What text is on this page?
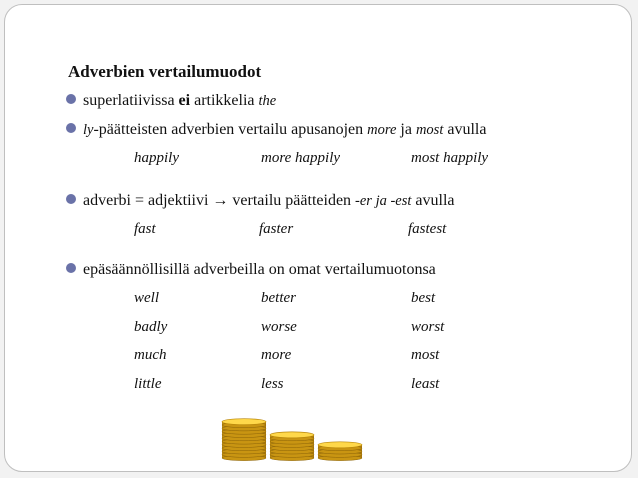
Adverbien vertailumuodot
superlatiivissa ei artikkelia the
ly-päätteisten adverbien vertailu apusanojen more ja most avulla
happily	more happily	most happily
adverbi = adjektiivi → vertailu päätteiden -er ja -est avulla
fast	faster	fastest
epäsäännöllisillä adverbeilla on omat vertailumuotonsa
well	better	best
badly	worse	worst
much	more	most
little	less	least
